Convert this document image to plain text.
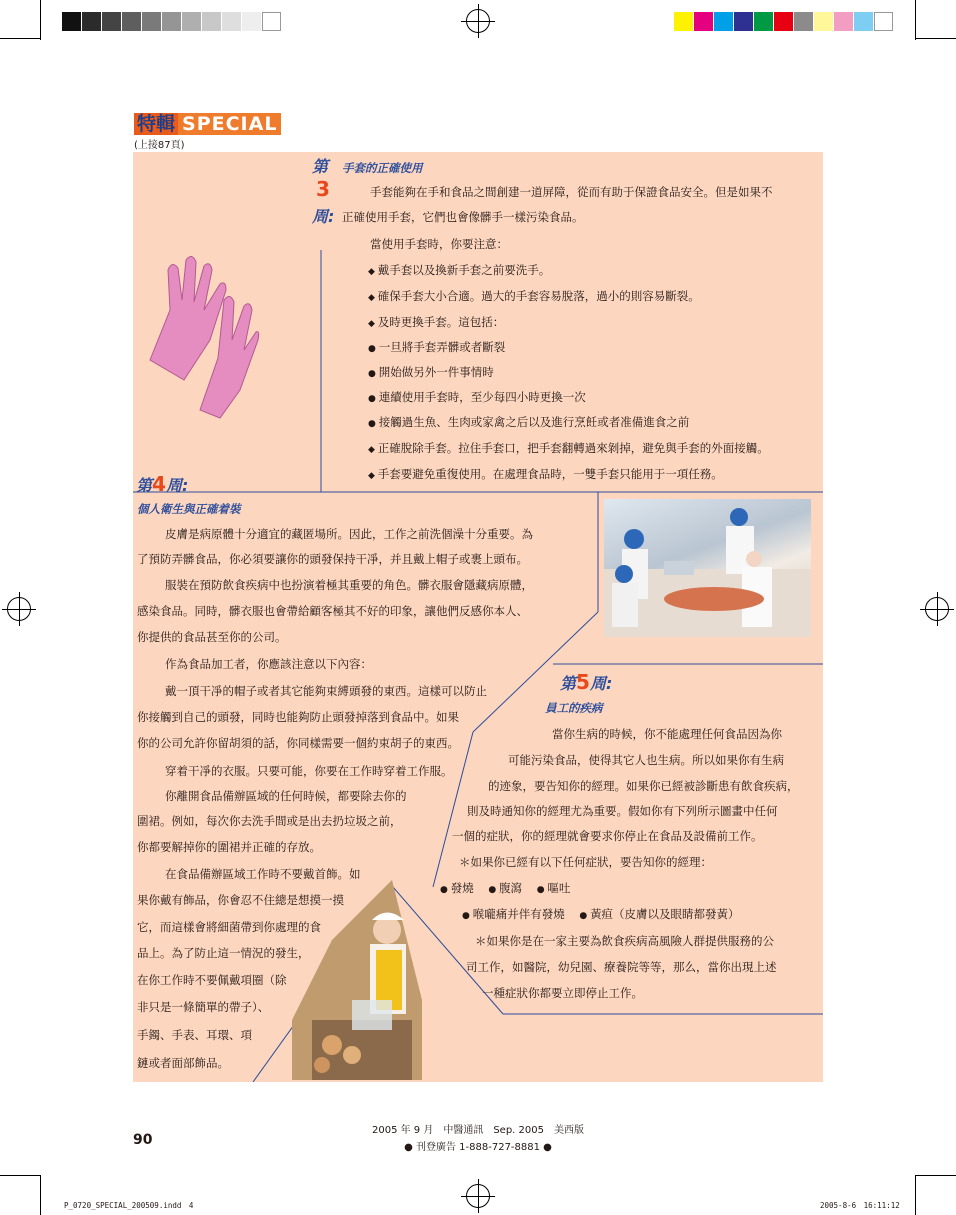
特輯 SPECIAL
(上接87頁)
第
3
周:
手套的正確使用
手套能夠在手和食品之間創建一道屏障，從而有助于保證食品安全。但是如果不
正確使用手套，它們也會像髒手一樣污染食品。
當使用手套時，你要注意：
◆ 戴手套以及換新手套之前要洗手。
◆ 確保手套大小合適。過大的手套容易脫落，過小的則容易斷裂。
◆ 及時更換手套。這包括：
● 一旦將手套弄髒或者斷裂
● 開始做另外一件事情時
● 連續使用手套時，至少每四小時更換一次
● 接觸過生魚、生肉或家禽之后以及進行烹飪或者准備進食之前
◆ 正確脫除手套。拉住手套口，把手套翻轉過來剝掉，避免與手套的外面接觸。
◆ 手套要避免重復使用。在處理食品時，一雙手套只能用于一項任務。
第4周:
個人衛生與正確着裝
皮膚是病原體十分適宜的藏匿場所。因此，工作之前洗個澡十分重要。為
了預防弄髒食品，你必須要讓你的頭發保持干凈，并且戴上帽子或裹上頭布。
服裝在預防飲食疾病中也扮演着極其重要的角色。髒衣服會隱藏病原體，
感染食品。同時，髒衣服也會帶給顧客極其不好的印象，讓他們反感你本人、
你提供的食品甚至你的公司。
作為食品加工者，你應該注意以下內容：
戴一頂干凈的帽子或者其它能夠束縛頭發的東西。這樣可以防止
你接觸到自己的頭發，同時也能夠防止頭發掉落到食品中。如果
你的公司允許你留胡須的話，你同樣需要一個約束胡子的東西。
穿着干凈的衣服。只要可能，你要在工作時穿着工作服。
你離開食品備辦區域的任何時候，都要除去你的
圍裙。例如，每次你去洗手間或是出去扔垃圾之前，
你都要解掉你的圍裙并正確的存放。
在食品備辦區域工作時不要戴首飾。如
果你戴有飾品，你會忍不住總是想摸一摸
它，而這樣會將細菌帶到你處理的食
品上。為了防止這一情況的發生，
在你工作時不要佩戴項圈（除
非只是一條簡單的帶子）、
手鐲、手表、耳環、項
鏈或者面部飾品。
第5周:
員工的疾病
當你生病的時候，你不能處理任何食品因為你
可能污染食品，使得其它人也生病。所以如果你有生病
的迹象，要告知你的經理。如果你已經被診斷患有飲食疾病，
則及時通知你的經理尤為重要。假如你有下列所示圖畫中任何
一個的症狀，你的經理就會要求你停止在食品及設備前工作。
＊如果你已經有以下任何症狀，要告知你的經理：
● 發燒 ● 腹瀉 ● 嘔吐
● 喉嚨痛并伴有發燒 ● 黃疸（皮膚以及眼睛都發黃）
＊如果你是在一家主要為飲食疾病高風險人群提供服務的公
司工作，如醫院，幼兒園、療養院等等，那么，當你出現上述
一種症狀你都要立即停止工作。
90
2005 年 9 月　中醫通訊　Sep. 2005　美西版
● 刊登廣告 1-888-727-8881 ●
P_0720_SPECIAL_200509.indd　4	2005-8-6　16:11:12
